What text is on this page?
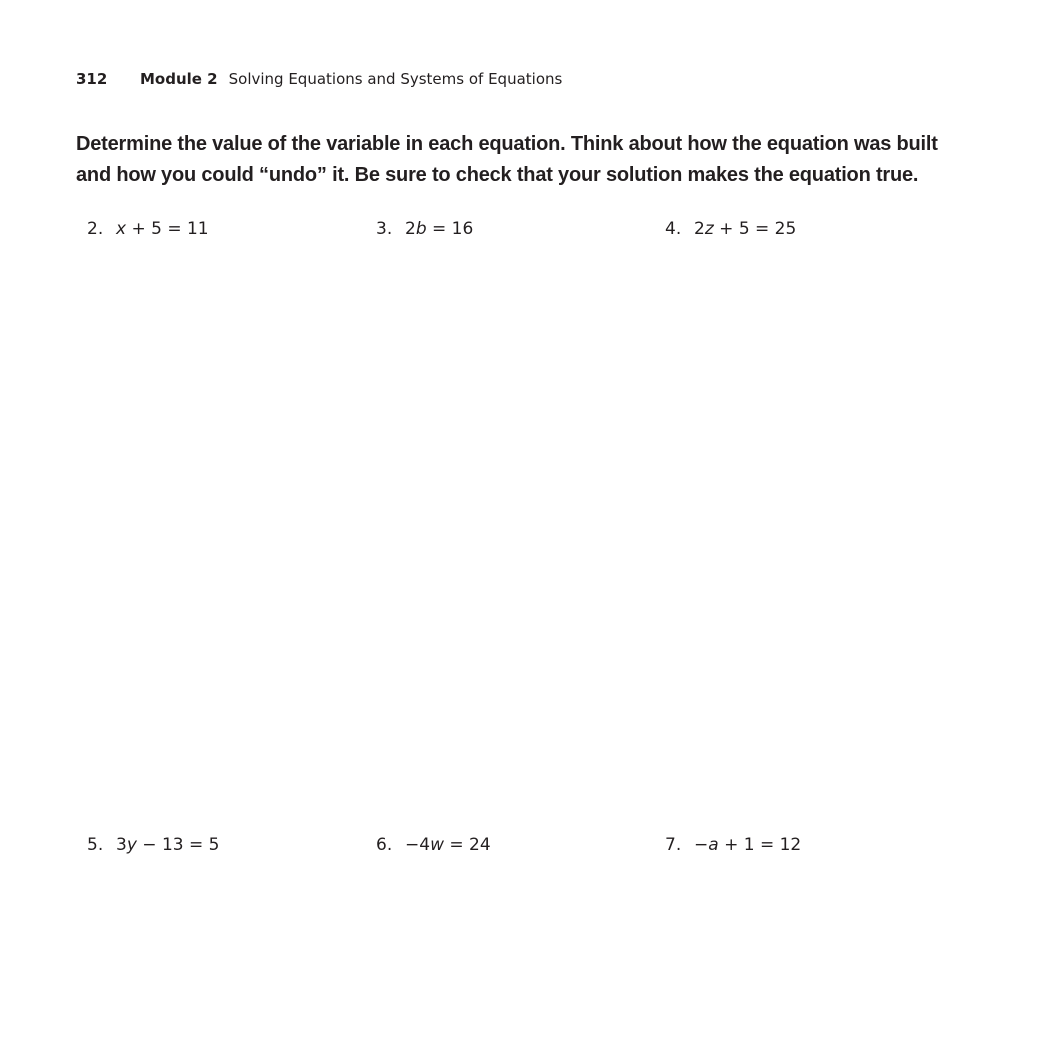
312 Module 2 Solving Equations and Systems of Equations

Determine the value of the variable in each equation. Think about how the equation was built and how you could “undo” it. Be sure to check that your solution makes the equation true.

2. x + 5 = 11	3. 2b = 16	4. 2z + 5 = 25
5. 3y − 13 = 5	6. −4w = 24	7. −a + 1 = 12
